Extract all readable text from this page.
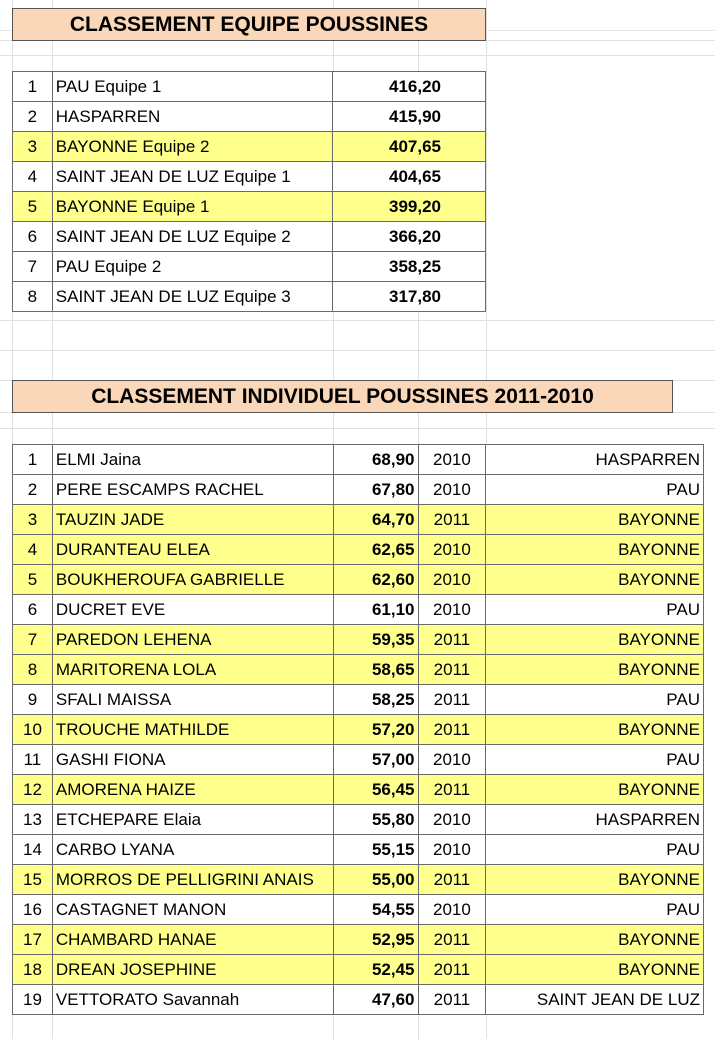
CLASSEMENT EQUIPE POUSSINES
1	PAU Equipe 1	416,20
2	HASPARREN	415,90
3	BAYONNE Equipe 2	407,65
4	SAINT JEAN DE LUZ Equipe 1	404,65
5	BAYONNE Equipe 1	399,20
6	SAINT JEAN DE LUZ Equipe 2	366,20
7	PAU Equipe 2	358,25
8	SAINT JEAN DE LUZ Equipe 3	317,80
CLASSEMENT INDIVIDUEL POUSSINES 2011-2010
1	ELMI Jaina	68,90	2010	HASPARREN
2	PERE ESCAMPS RACHEL	67,80	2010	PAU
3	TAUZIN JADE	64,70	2011	BAYONNE
4	DURANTEAU ELEA	62,65	2010	BAYONNE
5	BOUKHEROUFA GABRIELLE	62,60	2010	BAYONNE
6	DUCRET EVE	61,10	2010	PAU
7	PAREDON LEHENA	59,35	2011	BAYONNE
8	MARITORENA LOLA	58,65	2011	BAYONNE
9	SFALI MAISSA	58,25	2011	PAU
10	TROUCHE MATHILDE	57,20	2011	BAYONNE
11	GASHI FIONA	57,00	2010	PAU
12	AMORENA HAIZE	56,45	2011	BAYONNE
13	ETCHEPARE Elaia	55,80	2010	HASPARREN
14	CARBO LYANA	55,15	2010	PAU
15	MORROS DE PELLIGRINI ANAIS	55,00	2011	BAYONNE
16	CASTAGNET MANON	54,55	2010	PAU
17	CHAMBARD HANAE	52,95	2011	BAYONNE
18	DREAN JOSEPHINE	52,45	2011	BAYONNE
19	VETTORATO Savannah	47,60	2011	SAINT JEAN DE LUZ
